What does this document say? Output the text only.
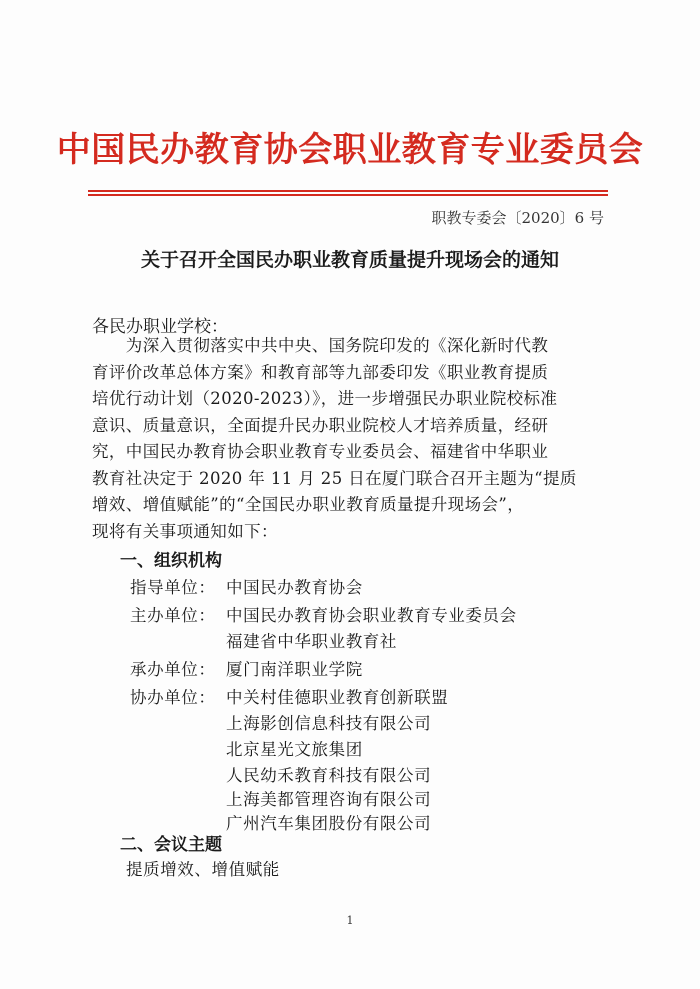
中国民办教育协会职业教育专业委员会
职教专委会〔2020〕6 号
关于召开全国民办职业教育质量提升现场会的通知
各民办职业学校：
　　为深入贯彻落实中共中央、国务院印发的《深化新时代教
育评价改革总体方案》和教育部等九部委印发《职业教育提质
培优行动计划（2020-2023）》，进一步增强民办职业院校标准
意识、质量意识，全面提升民办职业院校人才培养质量，经研
究，中国民办教育协会职业教育专业委员会、福建省中华职业
教育社决定于 2020 年 11 月 25 日在厦门联合召开主题为“提质
增效、增值赋能”的“全国民办职业教育质量提升现场会”，
现将有关事项通知如下：
一、组织机构
指导单位： 中国民办教育协会
主办单位： 中国民办教育协会职业教育专业委员会
福建省中华职业教育社
承办单位： 厦门南洋职业学院
协办单位： 中关村佳德职业教育创新联盟
上海影创信息科技有限公司
北京星光文旅集团
人民幼禾教育科技有限公司
上海美都管理咨询有限公司
广州汽车集团股份有限公司
1
二、会议主题
提质增效、增值赋能
